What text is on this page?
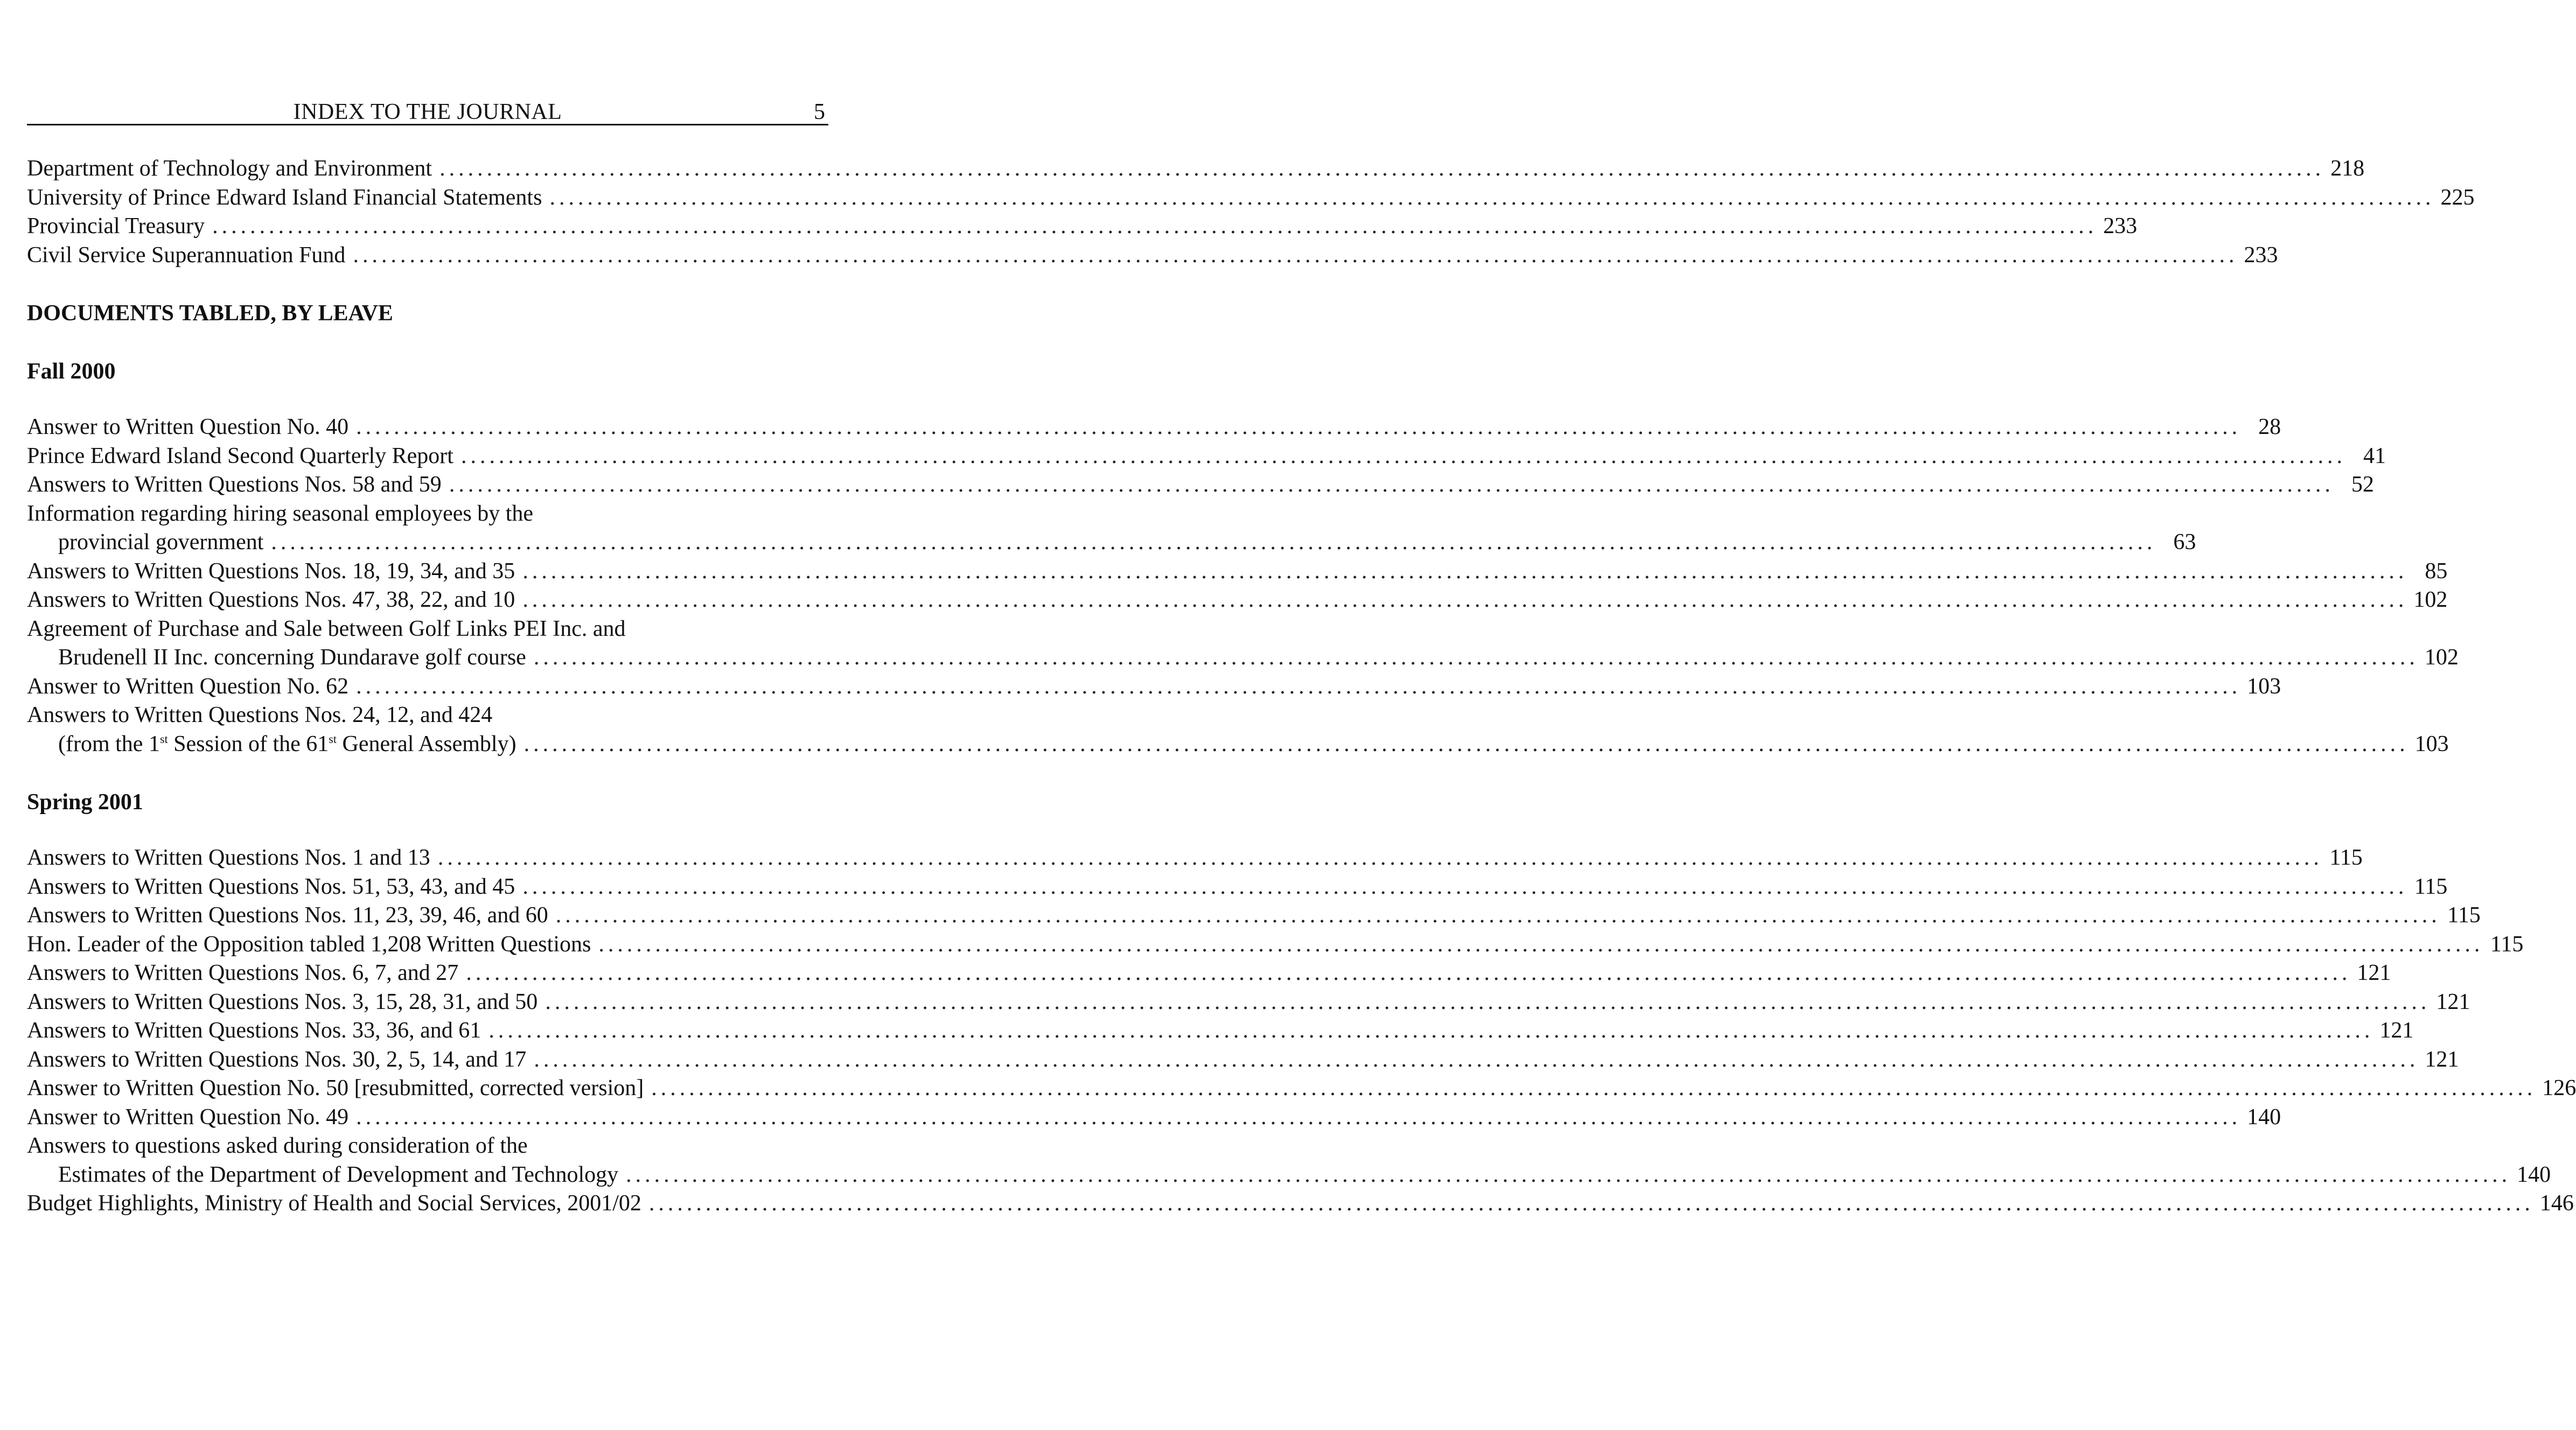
INDEX TO THE JOURNAL	5
Department of Technology and Environment ........................................................................................................................................................................................................ 218
University of Prince Edward Island Financial Statements ........................................................................................................................................................................................................ 225
Provincial Treasury ........................................................................................................................................................................................................ 233
Civil Service Superannuation Fund ........................................................................................................................................................................................................ 233
DOCUMENTS TABLED, BY LEAVE
Fall 2000
Answer to Written Question No. 40 ........................................................................................................................................................................................................ 28
Prince Edward Island Second Quarterly Report ........................................................................................................................................................................................................ 41
Answers to Written Questions Nos. 58 and 59 ........................................................................................................................................................................................................ 52
Information regarding hiring seasonal employees by the
provincial government ........................................................................................................................................................................................................ 63
Answers to Written Questions Nos. 18, 19, 34, and 35 ........................................................................................................................................................................................................ 85
Answers to Written Questions Nos. 47, 38, 22, and 10 ........................................................................................................................................................................................................ 102
Agreement of Purchase and Sale between Golf Links PEI Inc. and
Brudenell II Inc. concerning Dundarave golf course ........................................................................................................................................................................................................ 102
Answer to Written Question No. 62 ........................................................................................................................................................................................................ 103
Answers to Written Questions Nos. 24, 12, and 424
(from the 1st Session of the 61st General Assembly) ........................................................................................................................................................................................................ 103
Spring 2001
Answers to Written Questions Nos. 1 and 13 ........................................................................................................................................................................................................ 115
Answers to Written Questions Nos. 51, 53, 43, and 45 ........................................................................................................................................................................................................ 115
Answers to Written Questions Nos. 11, 23, 39, 46, and 60 ........................................................................................................................................................................................................ 115
Hon. Leader of the Opposition tabled 1,208 Written Questions ........................................................................................................................................................................................................ 115
Answers to Written Questions Nos. 6, 7, and 27 ........................................................................................................................................................................................................ 121
Answers to Written Questions Nos. 3, 15, 28, 31, and 50 ........................................................................................................................................................................................................ 121
Answers to Written Questions Nos. 33, 36, and 61 ........................................................................................................................................................................................................ 121
Answers to Written Questions Nos. 30, 2, 5, 14, and 17 ........................................................................................................................................................................................................ 121
Answer to Written Question No. 50 [resubmitted, corrected version] ........................................................................................................................................................................................................ 126
Answer to Written Question No. 49 ........................................................................................................................................................................................................ 140
Answers to questions asked during consideration of the
Estimates of the Department of Development and Technology ........................................................................................................................................................................................................ 140
Budget Highlights, Ministry of Health and Social Services, 2001/02 ........................................................................................................................................................................................................ 146
